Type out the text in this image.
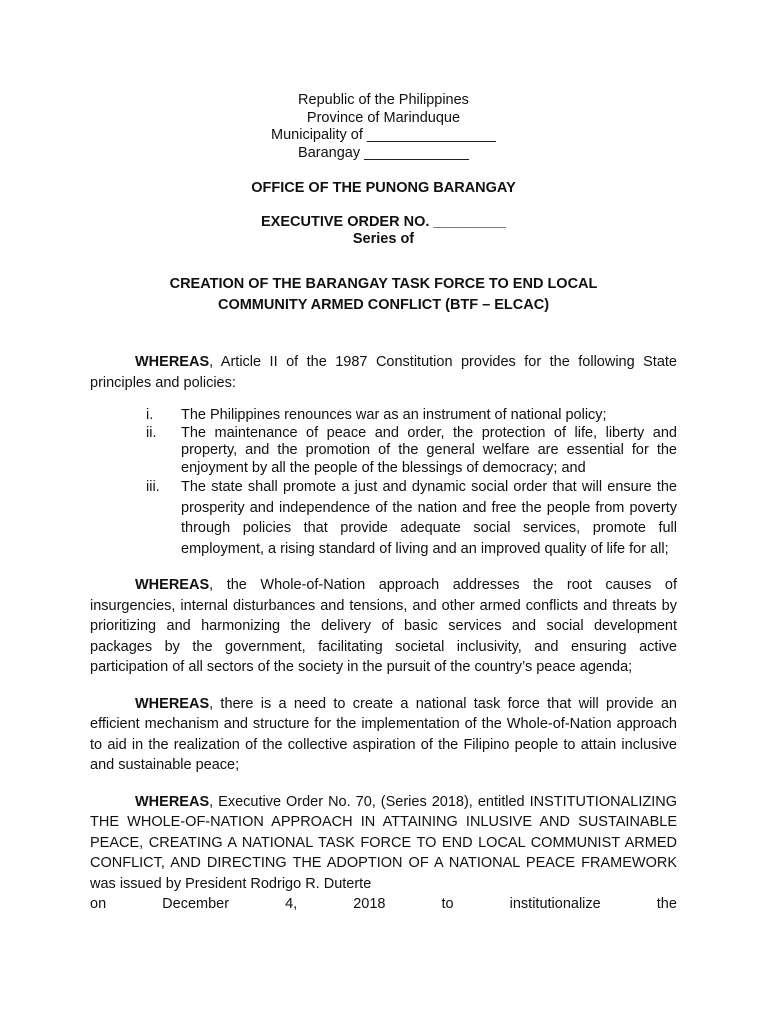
Republic of the Philippines
Province of Marinduque
Municipality of ________________
Barangay _____________
OFFICE OF THE PUNONG BARANGAY
EXECUTIVE ORDER NO. _________
Series of
CREATION OF THE BARANGAY TASK FORCE TO END LOCAL
COMMUNITY ARMED CONFLICT (BTF – ELCAC)
WHEREAS, Article II of the 1987 Constitution provides for the following State principles and policies:
i.	The Philippines renounces war as an instrument of national policy;
ii.	The maintenance of peace and order, the protection of life, liberty and property, and the promotion of the general welfare are essential for the enjoyment by all the people of the blessings of democracy; and
iii.	The state shall promote a just and dynamic social order that will ensure the prosperity and independence of the nation and free the people from poverty through policies that provide adequate social services, promote full employment, a rising standard of living and an improved quality of life for all;
WHEREAS, the Whole-of-Nation approach addresses the root causes of insurgencies, internal disturbances and tensions, and other armed conflicts and threats by prioritizing and harmonizing the delivery of basic services and social development packages by the government, facilitating societal inclusivity, and ensuring active participation of all sectors of the society in the pursuit of the country’s peace agenda;
WHEREAS, there is a need to create a national task force that will provide an efficient mechanism and structure for the implementation of the Whole-of-Nation approach to aid in the realization of the collective aspiration of the Filipino people to attain inclusive and sustainable peace;
WHEREAS, Executive Order No. 70, (Series 2018), entitled INSTITUTIONALIZING THE WHOLE-OF-NATION APPROACH IN ATTAINING INLUSIVE AND SUSTAINABLE PEACE, CREATING A NATIONAL TASK FORCE TO END LOCAL COMMUNIST ARMED CONFLICT, AND DIRECTING THE ADOPTION OF A NATIONAL PEACE FRAMEWORK was issued by President Rodrigo R. Duterte
on	December	4,	2018	to	institutionalize	the
